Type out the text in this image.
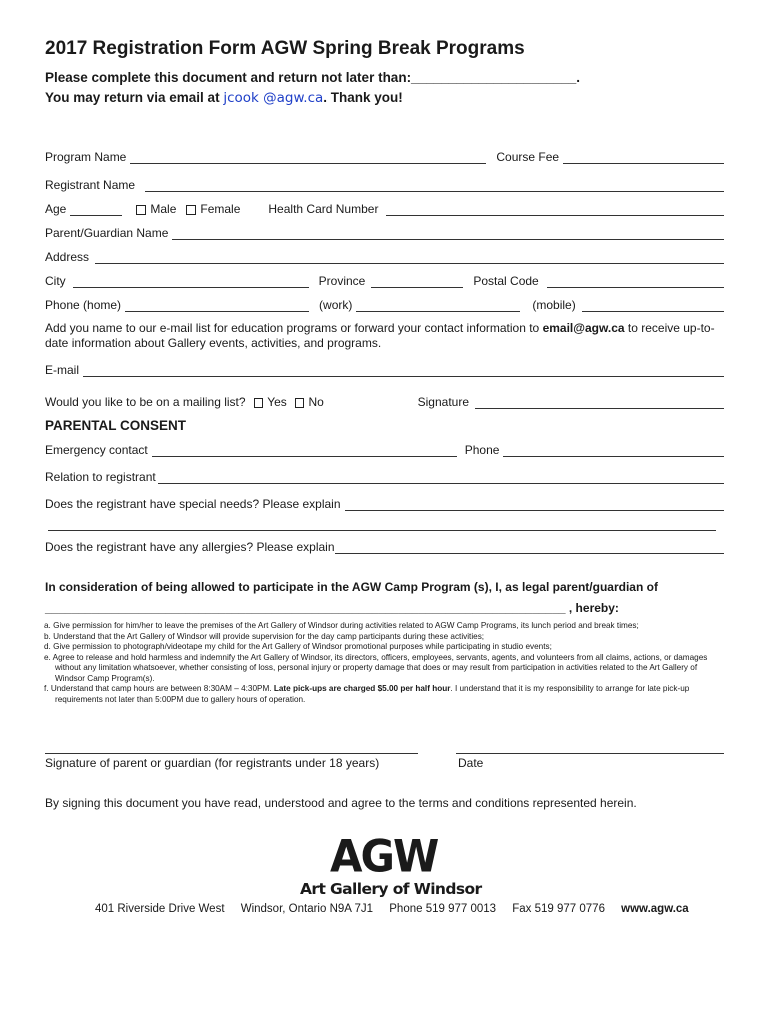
2017 Registration Form AGW Spring Break Programs
Please complete this document and return not later than:______________________.
You may return via email at jcook @agw.ca. Thank you!
Program Name	Course Fee
Registrant Name
Age	Male Female Health Card Number
Parent/Guardian Name
Address
City	Province	Postal Code
Phone (home)	(work)	(mobile)
Add you name to our e-mail list for education programs or forward your contact information to email@agw.ca to receive up-to-date information about Gallery events, activities, and programs.
E-mail
Would you like to be on a mailing list? Yes No	Signature
PARENTAL CONSENT
Emergency contact	Phone
Relation to registrant
Does the registrant have special needs? Please explain
Does the registrant have any allergies? Please explain
In consideration of being allowed to participate in the AGW Camp Program (s), I, as legal parent/guardian of
______________________________________________________________________________ , hereby:
a. Give permission for him/her to leave the premises of the Art Gallery of Windsor during activities related to AGW Camp Programs, its lunch period and break times;
b. Understand that the Art Gallery of Windsor will provide supervision for the day camp participants during these activities;
d. Give permission to photograph/videotape my child for the Art Gallery of Windsor promotional purposes while participating in studio events;
e. Agree to release and hold harmless and indemnify the Art Gallery of Windsor, its directors, officers, employees, servants, agents, and volunteers from all claims, actions, or damages without any limitation whatsoever, whether consisting of loss, personal injury or property damage that does or may result from participation in activities related to the Art Gallery of Windsor Camp Program(s).
f. Understand that camp hours are between 8:30AM – 4:30PM. Late pick-ups are charged $5.00 per half hour. I understand that it is my responsibility to arrange for late pick-up requirements not later than 5:00PM due to gallery hours of operation.
Signature of parent or guardian (for registrants under 18 years)	Date
By signing this document you have read, understood and agree to the terms and conditions represented herein.
AGW
Art Gallery of Windsor
401 Riverside Drive West Windsor, Ontario N9A 7J1 Phone 519 977 0013 Fax 519 977 0776 www.agw.ca
